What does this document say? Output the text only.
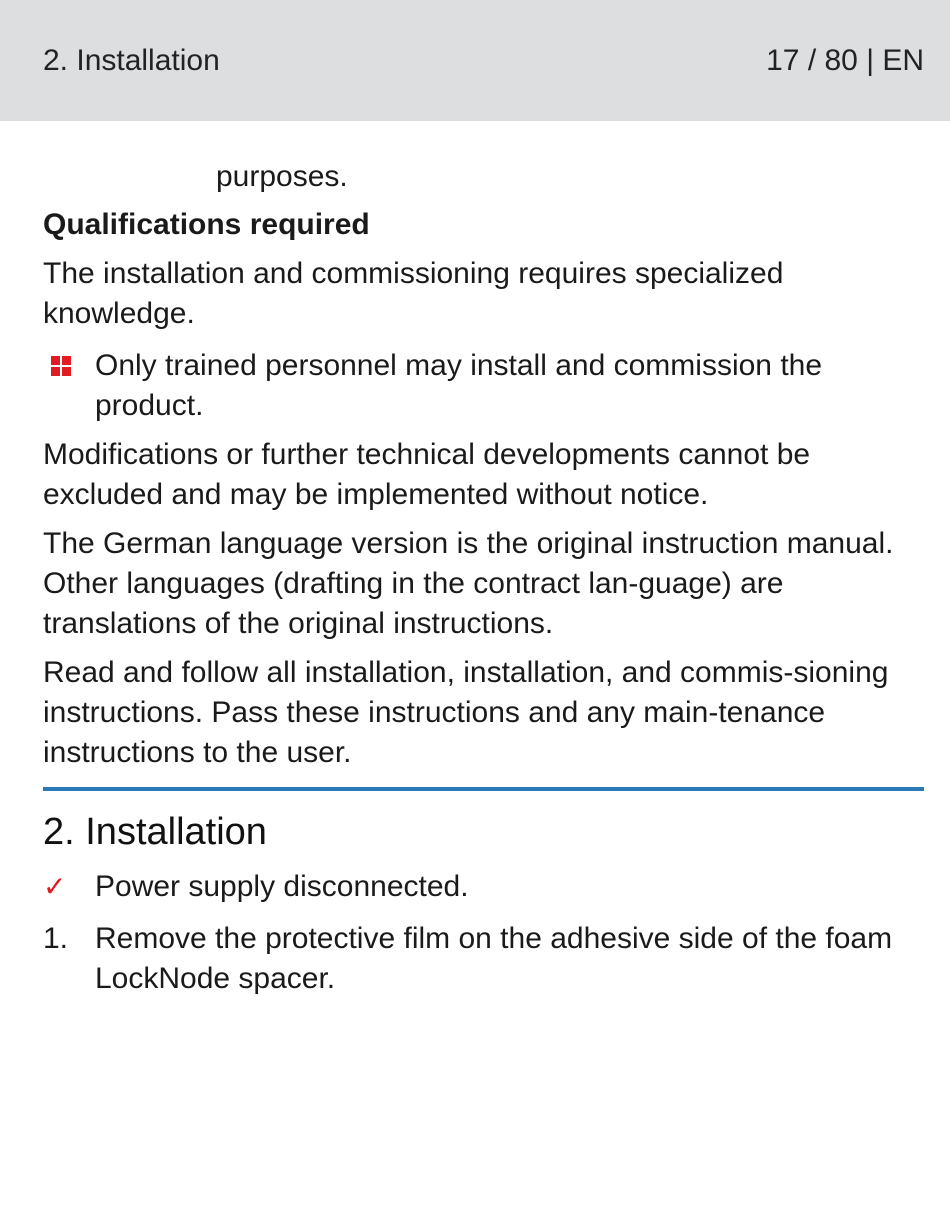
2. Installation	17 / 80 | EN
purposes.
Qualifications required

The installation and commissioning requires specialized knowledge.

Only trained personnel may install and commission the product.

Modifications or further technical developments cannot be excluded and may be implemented without notice.

The German language version is the original instruction manual. Other languages (drafting in the contract lan-guage) are translations of the original instructions.

Read and follow all installation, installation, and commis-sioning instructions. Pass these instructions and any main-tenance instructions to the user.

2. Installation
✓ Power supply disconnected.
1. Remove the protective film on the adhesive side of the foam LockNode spacer.
